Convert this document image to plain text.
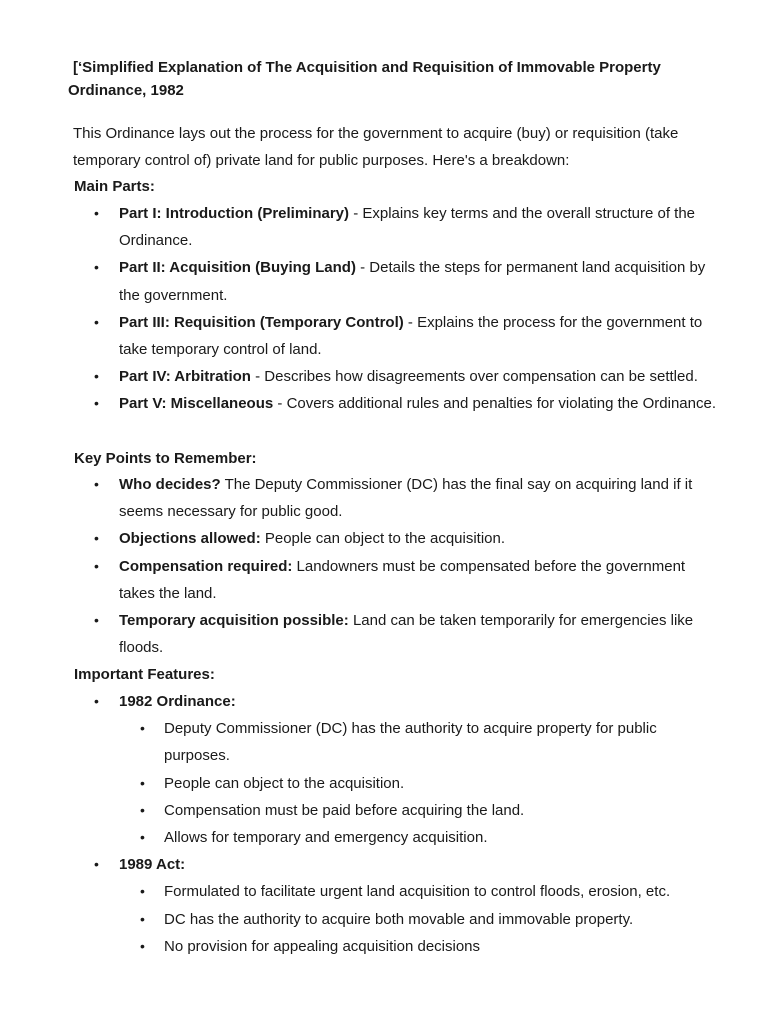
[‘Simplified Explanation of The Acquisition and Requisition of Immovable Property Ordinance, 1982

This Ordinance lays out the process for the government to acquire (buy) or requisition (take temporary control of) private land for public purposes. Here's a breakdown:

Main Parts:

• Part I: Introduction (Preliminary) - Explains key terms and the overall structure of the Ordinance.
• Part II: Acquisition (Buying Land) - Details the steps for permanent land acquisition by the government.
• Part III: Requisition (Temporary Control) - Explains the process for the government to take temporary control of land.
• Part IV: Arbitration - Describes how disagreements over compensation can be settled.
• Part V: Miscellaneous - Covers additional rules and penalties for violating the Ordinance.

Key Points to Remember:

• Who decides? The Deputy Commissioner (DC) has the final say on acquiring land if it seems necessary for public good.
• Objections allowed: People can object to the acquisition.
• Compensation required: Landowners must be compensated before the government takes the land.
• Temporary acquisition possible: Land can be taken temporarily for emergencies like floods.

Important Features:

• 1982 Ordinance:
• Deputy Commissioner (DC) has the authority to acquire property for public purposes.
• People can object to the acquisition.
• Compensation must be paid before acquiring the land.
• Allows for temporary and emergency acquisition.
• 1989 Act:
• Formulated to facilitate urgent land acquisition to control floods, erosion, etc.
• DC has the authority to acquire both movable and immovable property.
• No provision for appealing acquisition decisions
